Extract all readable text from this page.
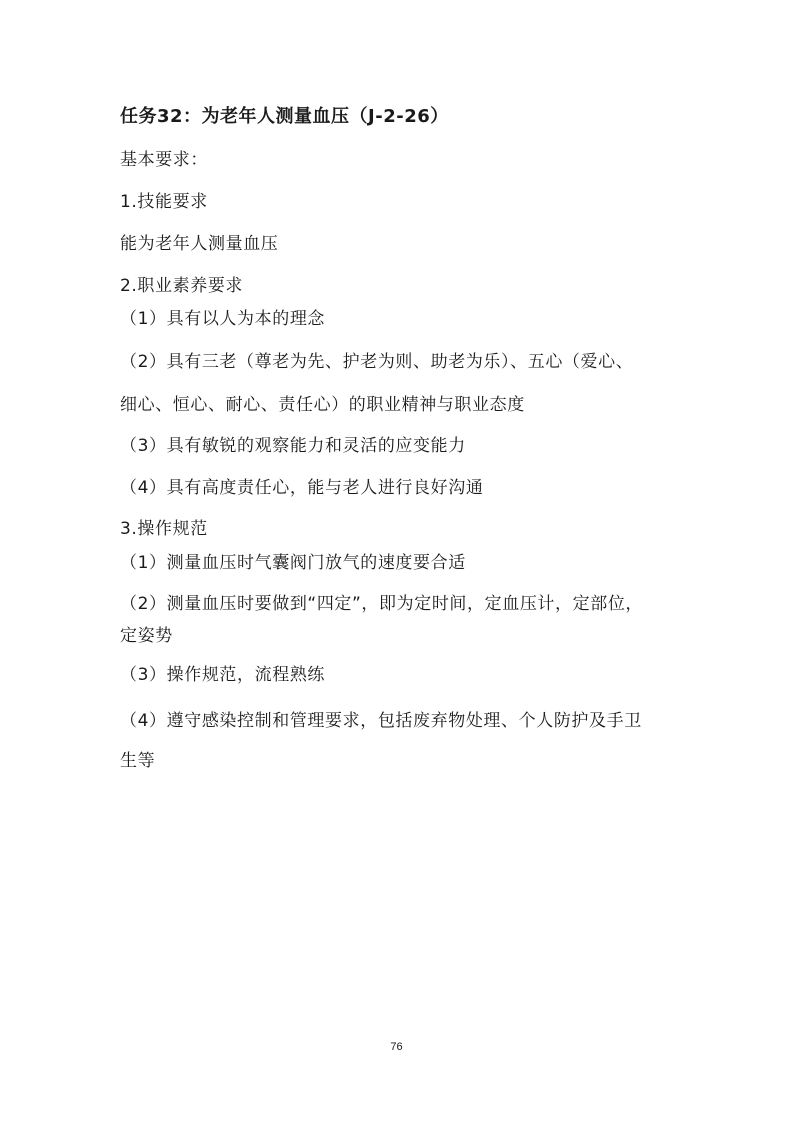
任务32：为老年人测量血压（J-2-26）
基本要求：
1.技能要求
能为老年人测量血压
2.职业素养要求
（1）具有以人为本的理念
（2）具有三老（尊老为先、护老为则、助老为乐）、五心（爱心、
细心、恒心、耐心、责任心）的职业精神与职业态度
（3）具有敏锐的观察能力和灵活的应变能力
（4）具有高度责任心，能与老人进行良好沟通
3.操作规范
（1）测量血压时气囊阀门放气的速度要合适
（2）测量血压时要做到“四定”，即为定时间，定血压计，定部位，
定姿势
（3）操作规范，流程熟练
（4）遵守感染控制和管理要求，包括废弃物处理、个人防护及手卫
生等
76
